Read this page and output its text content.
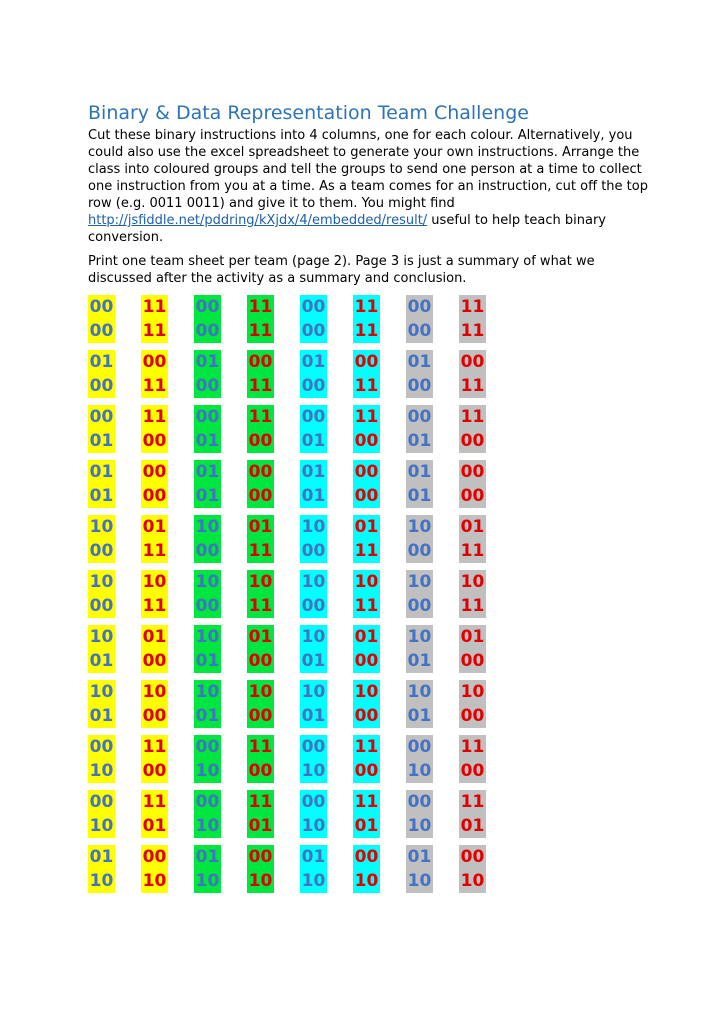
Binary & Data Representation Team Challenge

Cut these binary instructions into 4 columns, one for each colour. Alternatively, you could also use the excel spreadsheet to generate your own instructions. Arrange the class into coloured groups and tell the groups to send one person at a time to collect one instruction from you at a time. As a team comes for an instruction, cut off the top row (e.g. 0011 0011) and give it to them. You might find http://jsfiddle.net/pddring/kXjdx/4/embedded/result/ useful to help teach binary conversion.

Print one team sheet per team (page 2). Page 3 is just a summary of what we discussed after the activity as a summary and conclusion.

00
00
11
11
00
00
11
11
00
00
11
11
00
00
11
11
01
00
00
11
01
00
00
11
01
00
00
11
01
00
00
11
00
01
11
00
00
01
11
00
00
01
11
00
00
01
11
00
01
01
00
00
01
01
00
00
01
01
00
00
01
01
00
00
10
00
01
11
10
00
01
11
10
00
01
11
10
00
01
11
10
00
10
11
10
00
10
11
10
00
10
11
10
00
10
11
10
01
01
00
10
01
01
00
10
01
01
00
10
01
01
00
10
01
10
00
10
01
10
00
10
01
10
00
10
01
10
00
00
10
11
00
00
10
11
00
00
10
11
00
00
10
11
00
00
10
11
01
00
10
11
01
00
10
11
01
00
10
11
01
01
10
00
10
01
10
00
10
01
10
00
10
01
10
00
10
